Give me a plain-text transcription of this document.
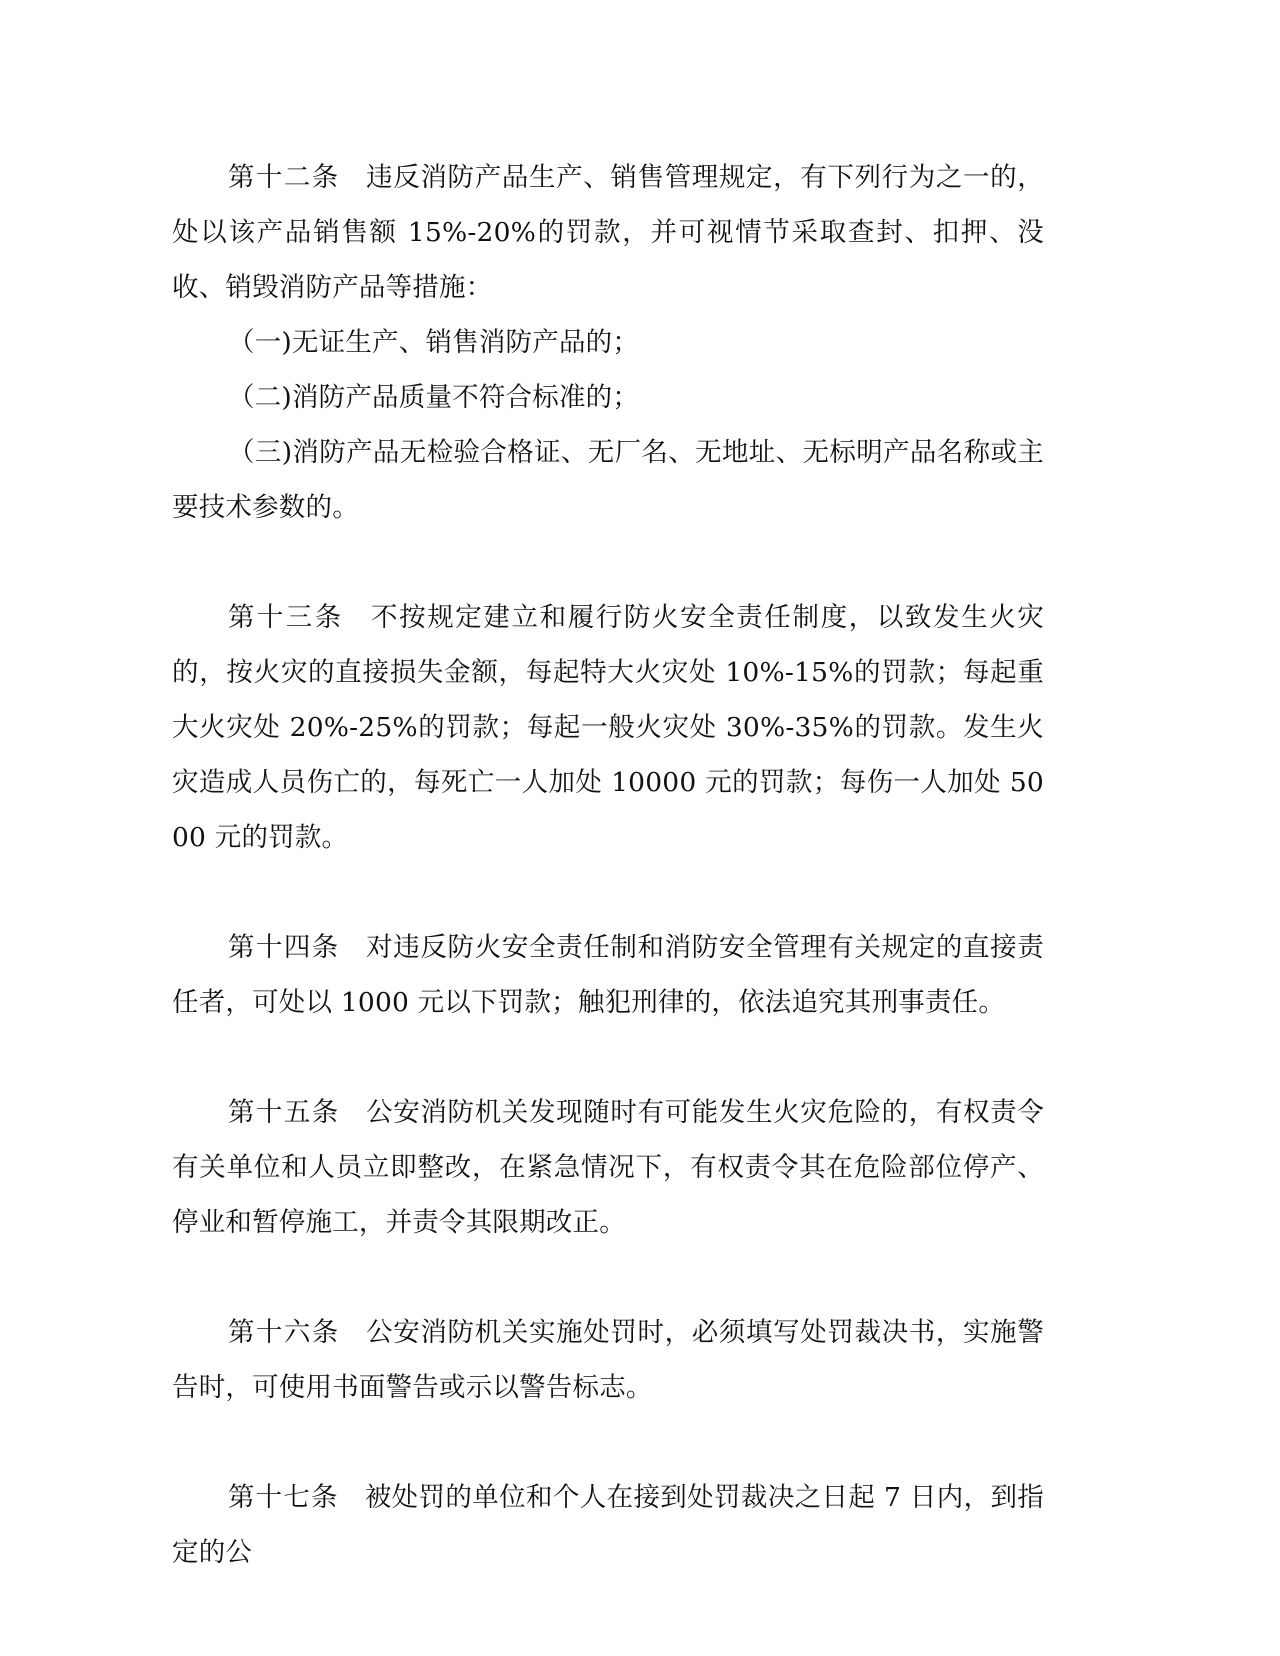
第十二条 违反消防产品生产、销售管理规定，有下列行为之一的，处以该产品销售额 15%-20%的罚款，并可视情节采取查封、扣押、没收、销毁消防产品等措施：

（一)无证生产、销售消防产品的；

（二)消防产品质量不符合标准的；

（三)消防产品无检验合格证、无厂名、无地址、无标明产品名称或主要技术参数的。

第十三条 不按规定建立和履行防火安全责任制度，以致发生火灾的，按火灾的直接损失金额，每起特大火灾处 10%-15%的罚款；每起重大火灾处 20%-25%的罚款；每起一般火灾处 30%-35%的罚款。发生火灾造成人员伤亡的，每死亡一人加处 10000 元的罚款；每伤一人加处 5000 元的罚款。

第十四条 对违反防火安全责任制和消防安全管理有关规定的直接责任者，可处以 1000 元以下罚款；触犯刑律的，依法追究其刑事责任。

第十五条 公安消防机关发现随时有可能发生火灾危险的，有权责令有关单位和人员立即整改，在紧急情况下，有权责令其在危险部位停产、 停业和暂停施工，并责令其限期改正。

第十六条 公安消防机关实施处罚时，必须填写处罚裁决书，实施警告时，可使用书面警告或示以警告标志。

第十七条 被处罚的单位和个人在接到处罚裁决之日起 7 日内，到指定的公
